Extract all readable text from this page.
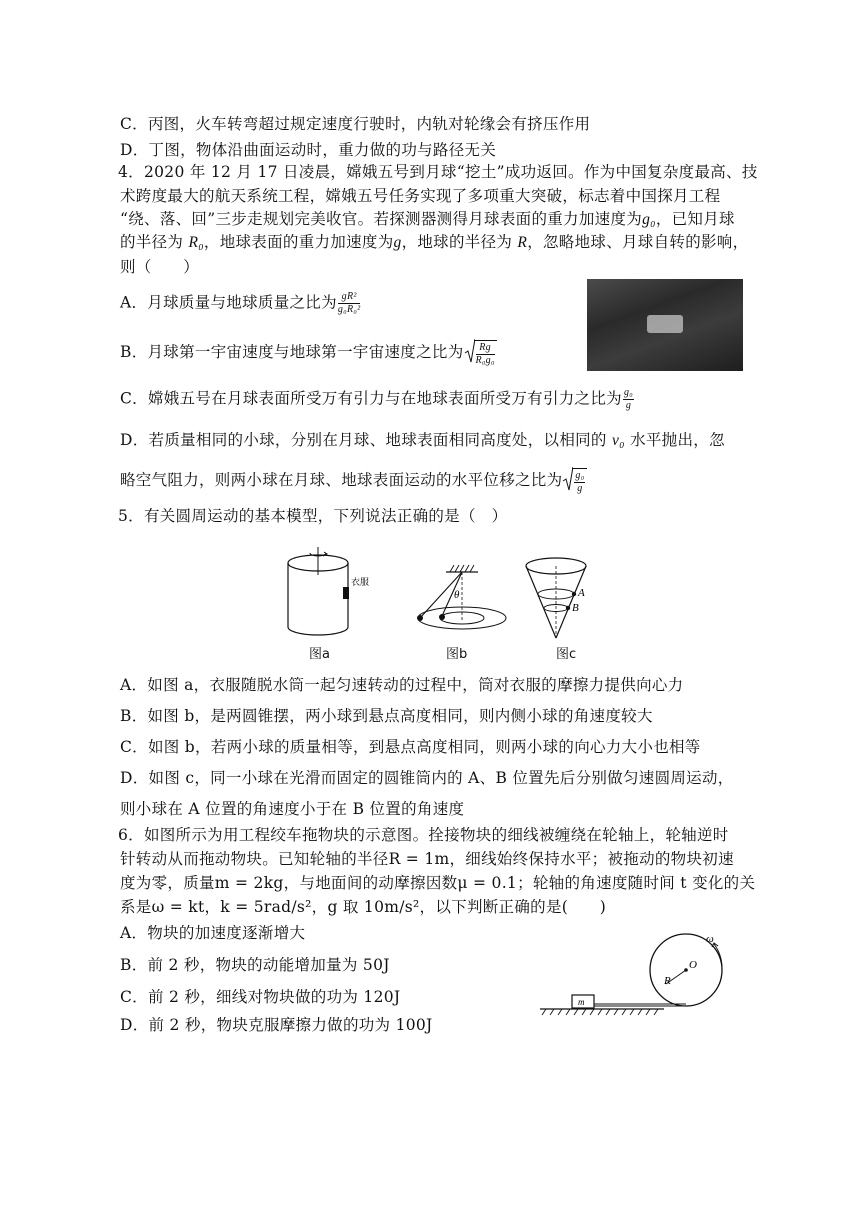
C．丙图，火车转弯超过规定速度行驶时，内轨对轮缘会有挤压作用
D．丁图，物体沿曲面运动时，重力做的功与路径无关
4．2020 年 12 月 17 日凌晨，嫦娥五号到月球“挖土”成功返回。作为中国复杂度最高、技
术跨度最大的航天系统工程，嫦娥五号任务实现了多项重大突破，标志着中国探月工程
“绕、落、回”三步走规划完美收官。若探测器测得月球表面的重力加速度为g₀，已知月球
的半径为 R₀，地球表面的重力加速度为g，地球的半径为 R，忽略地球、月球自转的影响，
则（　　）
A．月球质量与地球质量之比为 $\frac{\text{gR²}}{\text{g₀R₀²}}$
B．月球第一宇宙速度与地球第一宇宙速度之比为 $\frac{Rg}{\text{R₀g₀}}$
C．嫦娥五号在月球表面所受万有引力与在地球表面所受万有引力之比为 $\frac{\text{g₀}}{g}$
D．若质量相同的小球，分别在月球、地球表面相同高度处，以相同的 v₀ 水平抛出，忽
略空气阻力，则两小球在月球、地球表面运动的水平位移之比为 $\frac{\text{g₀}}{g}$
5．有关圆周运动的基本模型，下列说法正确的是（　）
衣服
图a
θ
图b
A
B
图c
A．如图 a，衣服随脱水筒一起匀速转动的过程中，筒对衣服的摩擦力提供向心力
B．如图 b，是两圆锥摆，两小球到悬点高度相同，则内侧小球的角速度较大
C．如图 b，若两小球的质量相等，到悬点高度相同，则两小球的向心力大小也相等
D．如图 c，同一小球在光滑而固定的圆锥筒内的 A、B 位置先后分别做匀速圆周运动，
则小球在 A 位置的角速度小于在 B 位置的角速度
6．如图所示为用工程绞车拖物块的示意图。拴接物块的细线被缠绕在轮轴上，轮轴逆时
针转动从而拖动物块。已知轮轴的半径R = 1m，细线始终保持水平；被拖动的物块初速
度为零，质量m = 2kg，与地面间的动摩擦因数μ = 0.1；轮轴的角速度随时间 t 变化的关
系是ω = kt，k = 5rad/s²，g 取 10m/s²，以下判断正确的是(　　)
A．物块的加速度逐渐增大
B．前 2 秒，物块的动能增加量为 50J
C．前 2 秒，细线对物块做的功为 120J
D．前 2 秒，物块克服摩擦力做的功为 100J
R
O
ω
m
